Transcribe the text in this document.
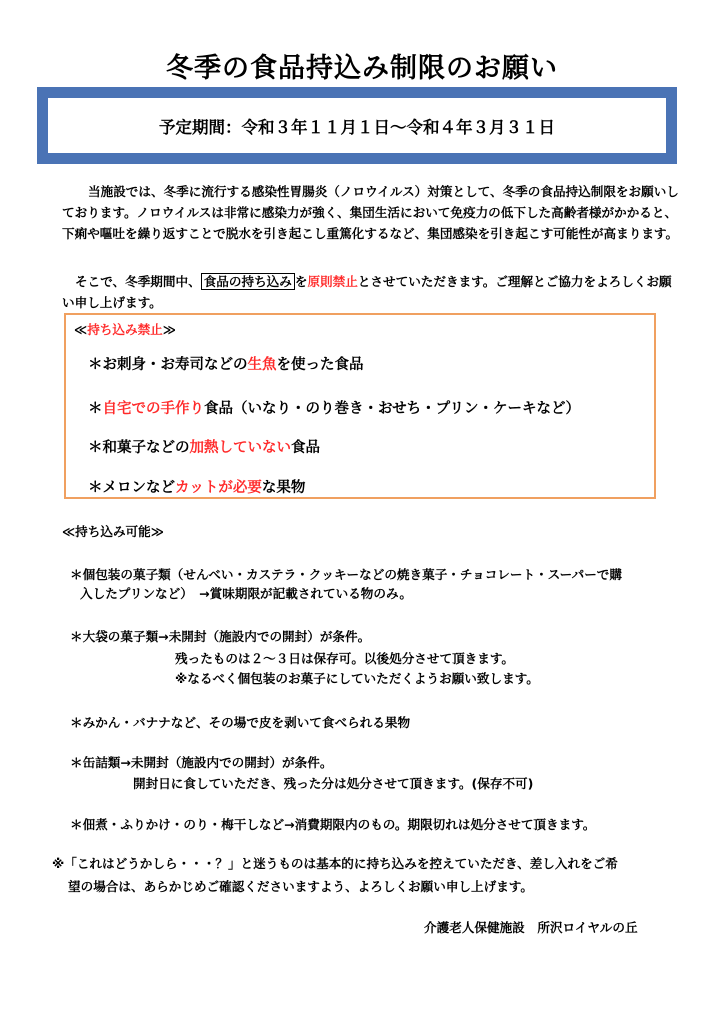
冬季の食品持込み制限のお願い
予定期間：令和３年１１月１日～令和４年３月３１日
当施設では、冬季に流行する感染性胃腸炎（ノロウイルス）対策として、冬季の食品持込制限をお願いしております。ノロウイルスは非常に感染力が強く、集団生活において免疫力の低下した高齢者様がかかると、下痢や嘔吐を繰り返すことで脱水を引き起こし重篤化するなど、集団感染を引き起こす可能性が高まります。
そこで、冬季期間中、 食品の持ち込み を原則禁止とさせていただきます。ご理解とご協力をよろしくお願い申し上げます。
≪持ち込み禁止≫
＊お刺身・お寿司などの生魚を使った食品
＊自宅での手作り食品（いなり・のり巻き・おせち・プリン・ケーキなど）
＊和菓子などの加熱していない食品
＊メロンなどカットが必要な果物
≪持ち込み可能≫
＊個包装の菓子類（せんべい・カステラ・クッキーなどの焼き菓子・チョコレート・スーパーで購
入したプリンなど）　→賞味期限が記載されている物のみ。
＊大袋の菓子類→未開封（施設内での開封）が条件。
残ったものは２～３日は保存可。以後処分させて頂きます。
※なるべく個包装のお菓子にしていただくようお願い致します。
＊みかん・バナナなど、その場で皮を剥いて食べられる果物
＊缶詰類→未開封（施設内での開封）が条件。
開封日に食していただき、残った分は処分させて頂きます。(保存不可)
＊佃煮・ふりかけ・のり・梅干しなど→消費期限内のもの。期限切れは処分させて頂きます。
※「これはどうかしら・・・？」と迷うものは基本的に持ち込みを控えていただき、差し入れをご希
望の場合は、あらかじめご確認くださいますよう、よろしくお願い申し上げます。
介護老人保健施設　所沢ロイヤルの丘
